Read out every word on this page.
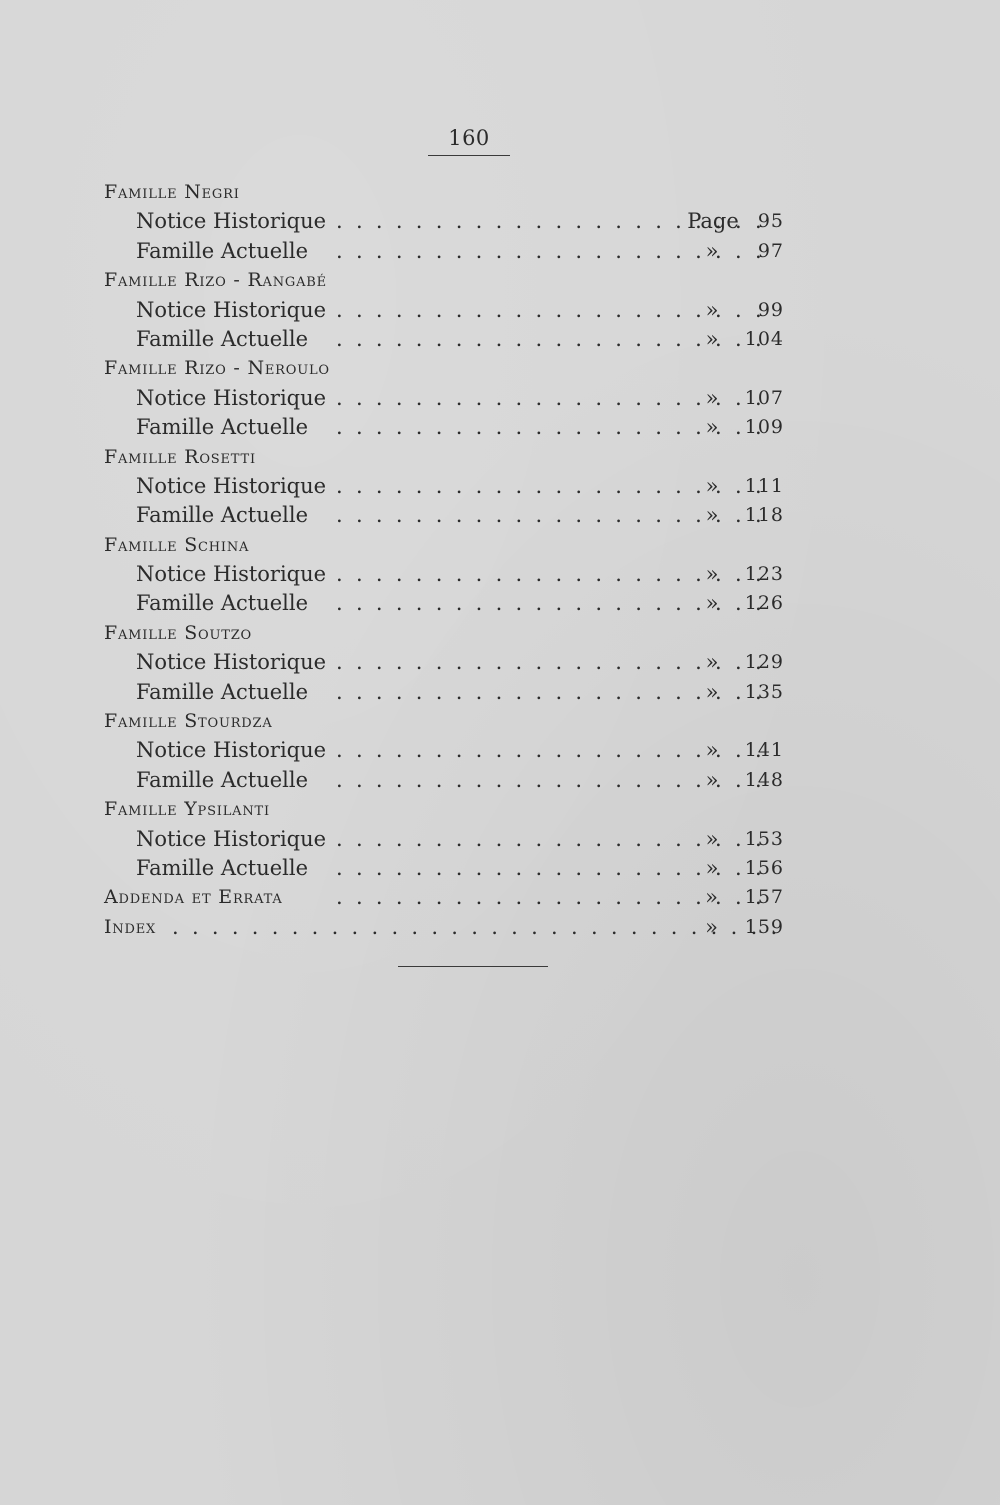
160
Famille Negri
Notice Historique . . .	Page	95
Famille Actuelle . . .	»	97
Famille Rizo - Rangabé
Notice Historique . . .	»	99
Famille Actuelle . . .	»	104
Famille Rizo - Neroulo
Notice Historique . . .	»	107
Famille Actuelle . . .	»	109
Famille Rosetti
Notice Historique . . .	»	111
Famille Actuelle . . .	»	118
Famille Schina
Notice Historique . . .	»	123
Famille Actuelle . . .	»	126
Famille Soutzo
Notice Historique . . .	»	129
Famille Actuelle . . .	»	135
Famille Stourdza
Notice Historique . . .	»	141
Famille Actuelle . . .	»	148
Famille Ypsilanti
Notice Historique . . .	»	153
Famille Actuelle . . .	»	156
Addenda et Errata . . .	»	157
Index . . .	»	159
